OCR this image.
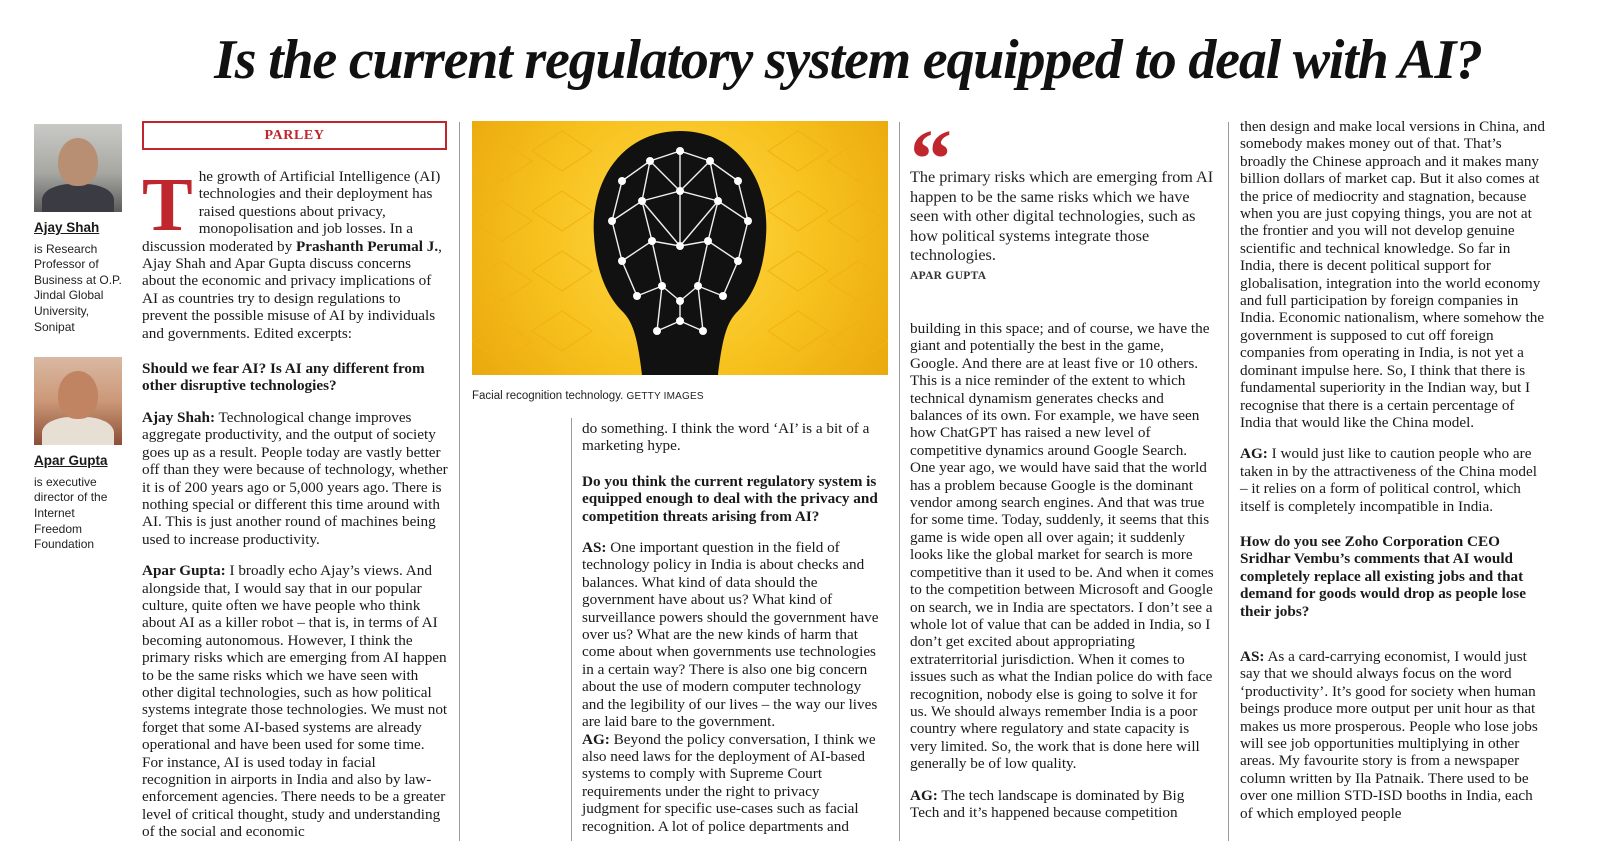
Is the current regulatory system equipped to deal with AI?
Ajay Shah
is Research Professor of Business at O.P. Jindal Global University, Sonipat
Apar Gupta
is executive director of the Internet Freedom Foundation
PARLEY

The growth of Artificial Intelligence (AI) technologies and their deployment has raised questions about privacy, monopolisation and job losses. In a discussion moderated by Prashanth Perumal J., Ajay Shah and Apar Gupta discuss concerns about the economic and privacy implications of AI as countries try to design regulations to prevent the possible misuse of AI by individuals and governments. Edited excerpts:

Should we fear AI? Is AI any different from other disruptive technologies?

Ajay Shah: Technological change improves aggregate productivity, and the output of society goes up as a result. People today are vastly better off than they were because of technology, whether it is of 200 years ago or 5,000 years ago. There is nothing special or different this time around with AI. This is just another round of machines being used to increase productivity.

Apar Gupta: I broadly echo Ajay’s views. And alongside that, I would say that in our popular culture, quite often we have people who think about AI as a killer robot – that is, in terms of AI becoming autonomous. However, I think the primary risks which are emerging from AI happen to be the same risks which we have seen with other digital technologies, such as how political systems integrate those technologies. We must not forget that some AI-based systems are already operational and have been used for some time. For instance, AI is used today in facial recognition in airports in India and also by law-enforcement agencies. There needs to be a greater level of critical thought, study and understanding of the social and economic

Facial recognition technology. GETTY IMAGES

do something. I think the word ‘AI’ is a bit of a marketing hype.

Do you think the current regulatory system is equipped enough to deal with the privacy and competition threats arising from AI?

AS: One important question in the field of technology policy in India is about checks and balances. What kind of data should the government have about us? What kind of surveillance powers should the government have over us? What are the new kinds of harm that come about when governments use technologies in a certain way? There is also one big concern about the use of modern computer technology and the legibility of our lives – the way our lives are laid bare to the government.

AG: Beyond the policy conversation, I think we also need laws for the deployment of AI-based systems to comply with Supreme Court requirements under the right to privacy judgment for specific use-cases such as facial recognition. A lot of police departments and

“
The primary risks which are emerging from AI happen to be the same risks which we have seen with other digital technologies, such as how political systems integrate those technologies.
APAR GUPTA

building in this space; and of course, we have the giant and potentially the best in the game, Google. And there are at least five or 10 others. This is a nice reminder of the extent to which technical dynamism generates checks and balances of its own. For example, we have seen how ChatGPT has raised a new level of competitive dynamics around Google Search. One year ago, we would have said that the world has a problem because Google is the dominant vendor among search engines. And that was true for some time. Today, suddenly, it seems that this game is wide open all over again; it suddenly looks like the global market for search is more competitive than it used to be. And when it comes to the competition between Microsoft and Google on search, we in India are spectators. I don’t see a whole lot of value that can be added in India, so I don’t get excited about appropriating extraterritorial jurisdiction. When it comes to issues such as what the Indian police do with face recognition, nobody else is going to solve it for us. We should always remember India is a poor country where regulatory and state capacity is very limited. So, the work that is done here will generally be of low quality.

AG: The tech landscape is dominated by Big Tech and it’s happened because competition

then design and make local versions in China, and somebody makes money out of that. That’s broadly the Chinese approach and it makes many billion dollars of market cap. But it also comes at the price of mediocrity and stagnation, because when you are just copying things, you are not at the frontier and you will not develop genuine scientific and technical knowledge. So far in India, there is decent political support for globalisation, integration into the world economy and full participation by foreign companies in India. Economic nationalism, where somehow the government is supposed to cut off foreign companies from operating in India, is not yet a dominant impulse here. So, I think that there is fundamental superiority in the Indian way, but I recognise that there is a certain percentage of India that would like the China model.

AG: I would just like to caution people who are taken in by the attractiveness of the China model – it relies on a form of political control, which itself is completely incompatible in India.

How do you see Zoho Corporation CEO Sridhar Vembu’s comments that AI would completely replace all existing jobs and that demand for goods would drop as people lose their jobs?

AS: As a card-carrying economist, I would just say that we should always focus on the word ‘productivity’. It’s good for society when human beings produce more output per unit hour as that makes us more prosperous. People who lose jobs will see job opportunities multiplying in other areas. My favourite story is from a newspaper column written by Ila Patnaik. There used to be over one million STD-ISD booths in India, each of which employed people
